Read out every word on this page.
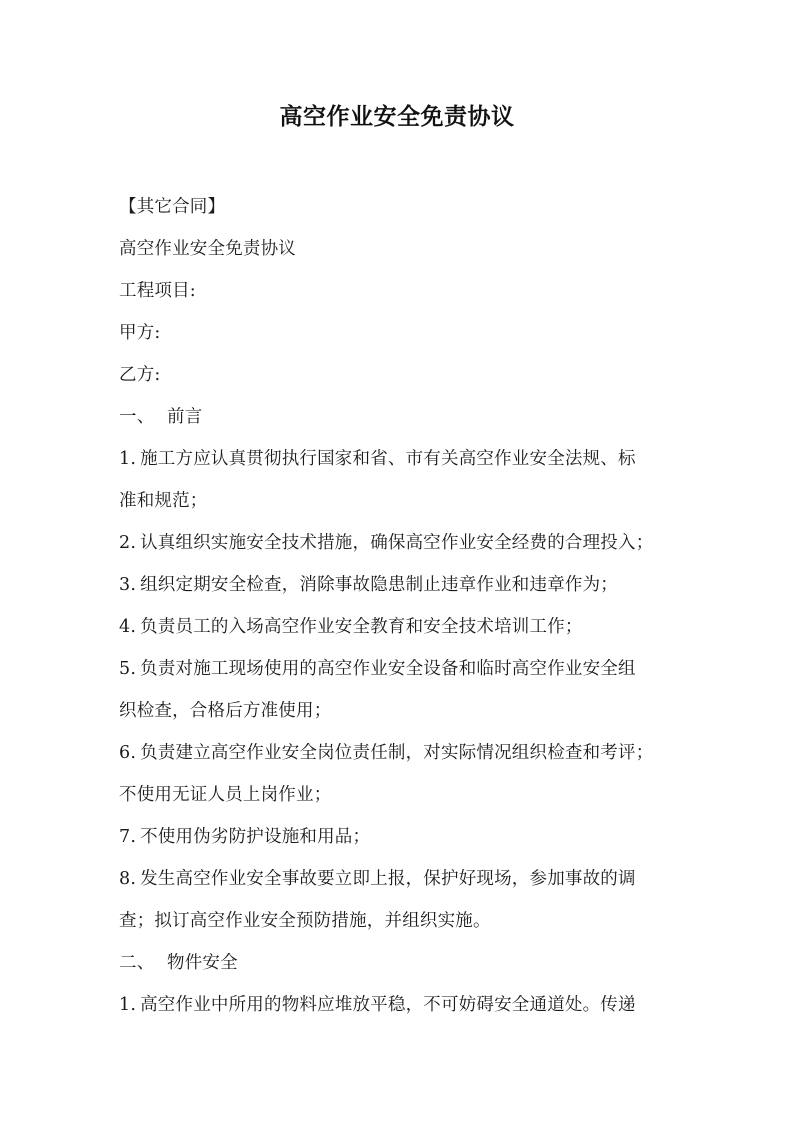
高空作业安全免责协议
【其它合同】
高空作业安全免责协议
工程项目:
甲方:
乙方:
一、 前言
1. 施工方应认真贯彻执行国家和省、市有关高空作业安全法规、标
准和规范；
2. 认真组织实施安全技术措施，确保高空作业安全经费的合理投入；
3. 组织定期安全检查，消除事故隐患制止违章作业和违章作为；
4. 负责员工的入场高空作业安全教育和安全技术培训工作；
5. 负责对施工现场使用的高空作业安全设备和临时高空作业安全组
织检查，合格后方准使用；
6. 负责建立高空作业安全岗位责任制，对实际情况组织检查和考评；
不使用无证人员上岗作业；
7. 不使用伪劣防护设施和用品；
8. 发生高空作业安全事故要立即上报，保护好现场，参加事故的调
查；拟订高空作业安全预防措施，并组织实施。
二、 物件安全
1. 高空作业中所用的物料应堆放平稳，不可妨碍安全通道处。传递
